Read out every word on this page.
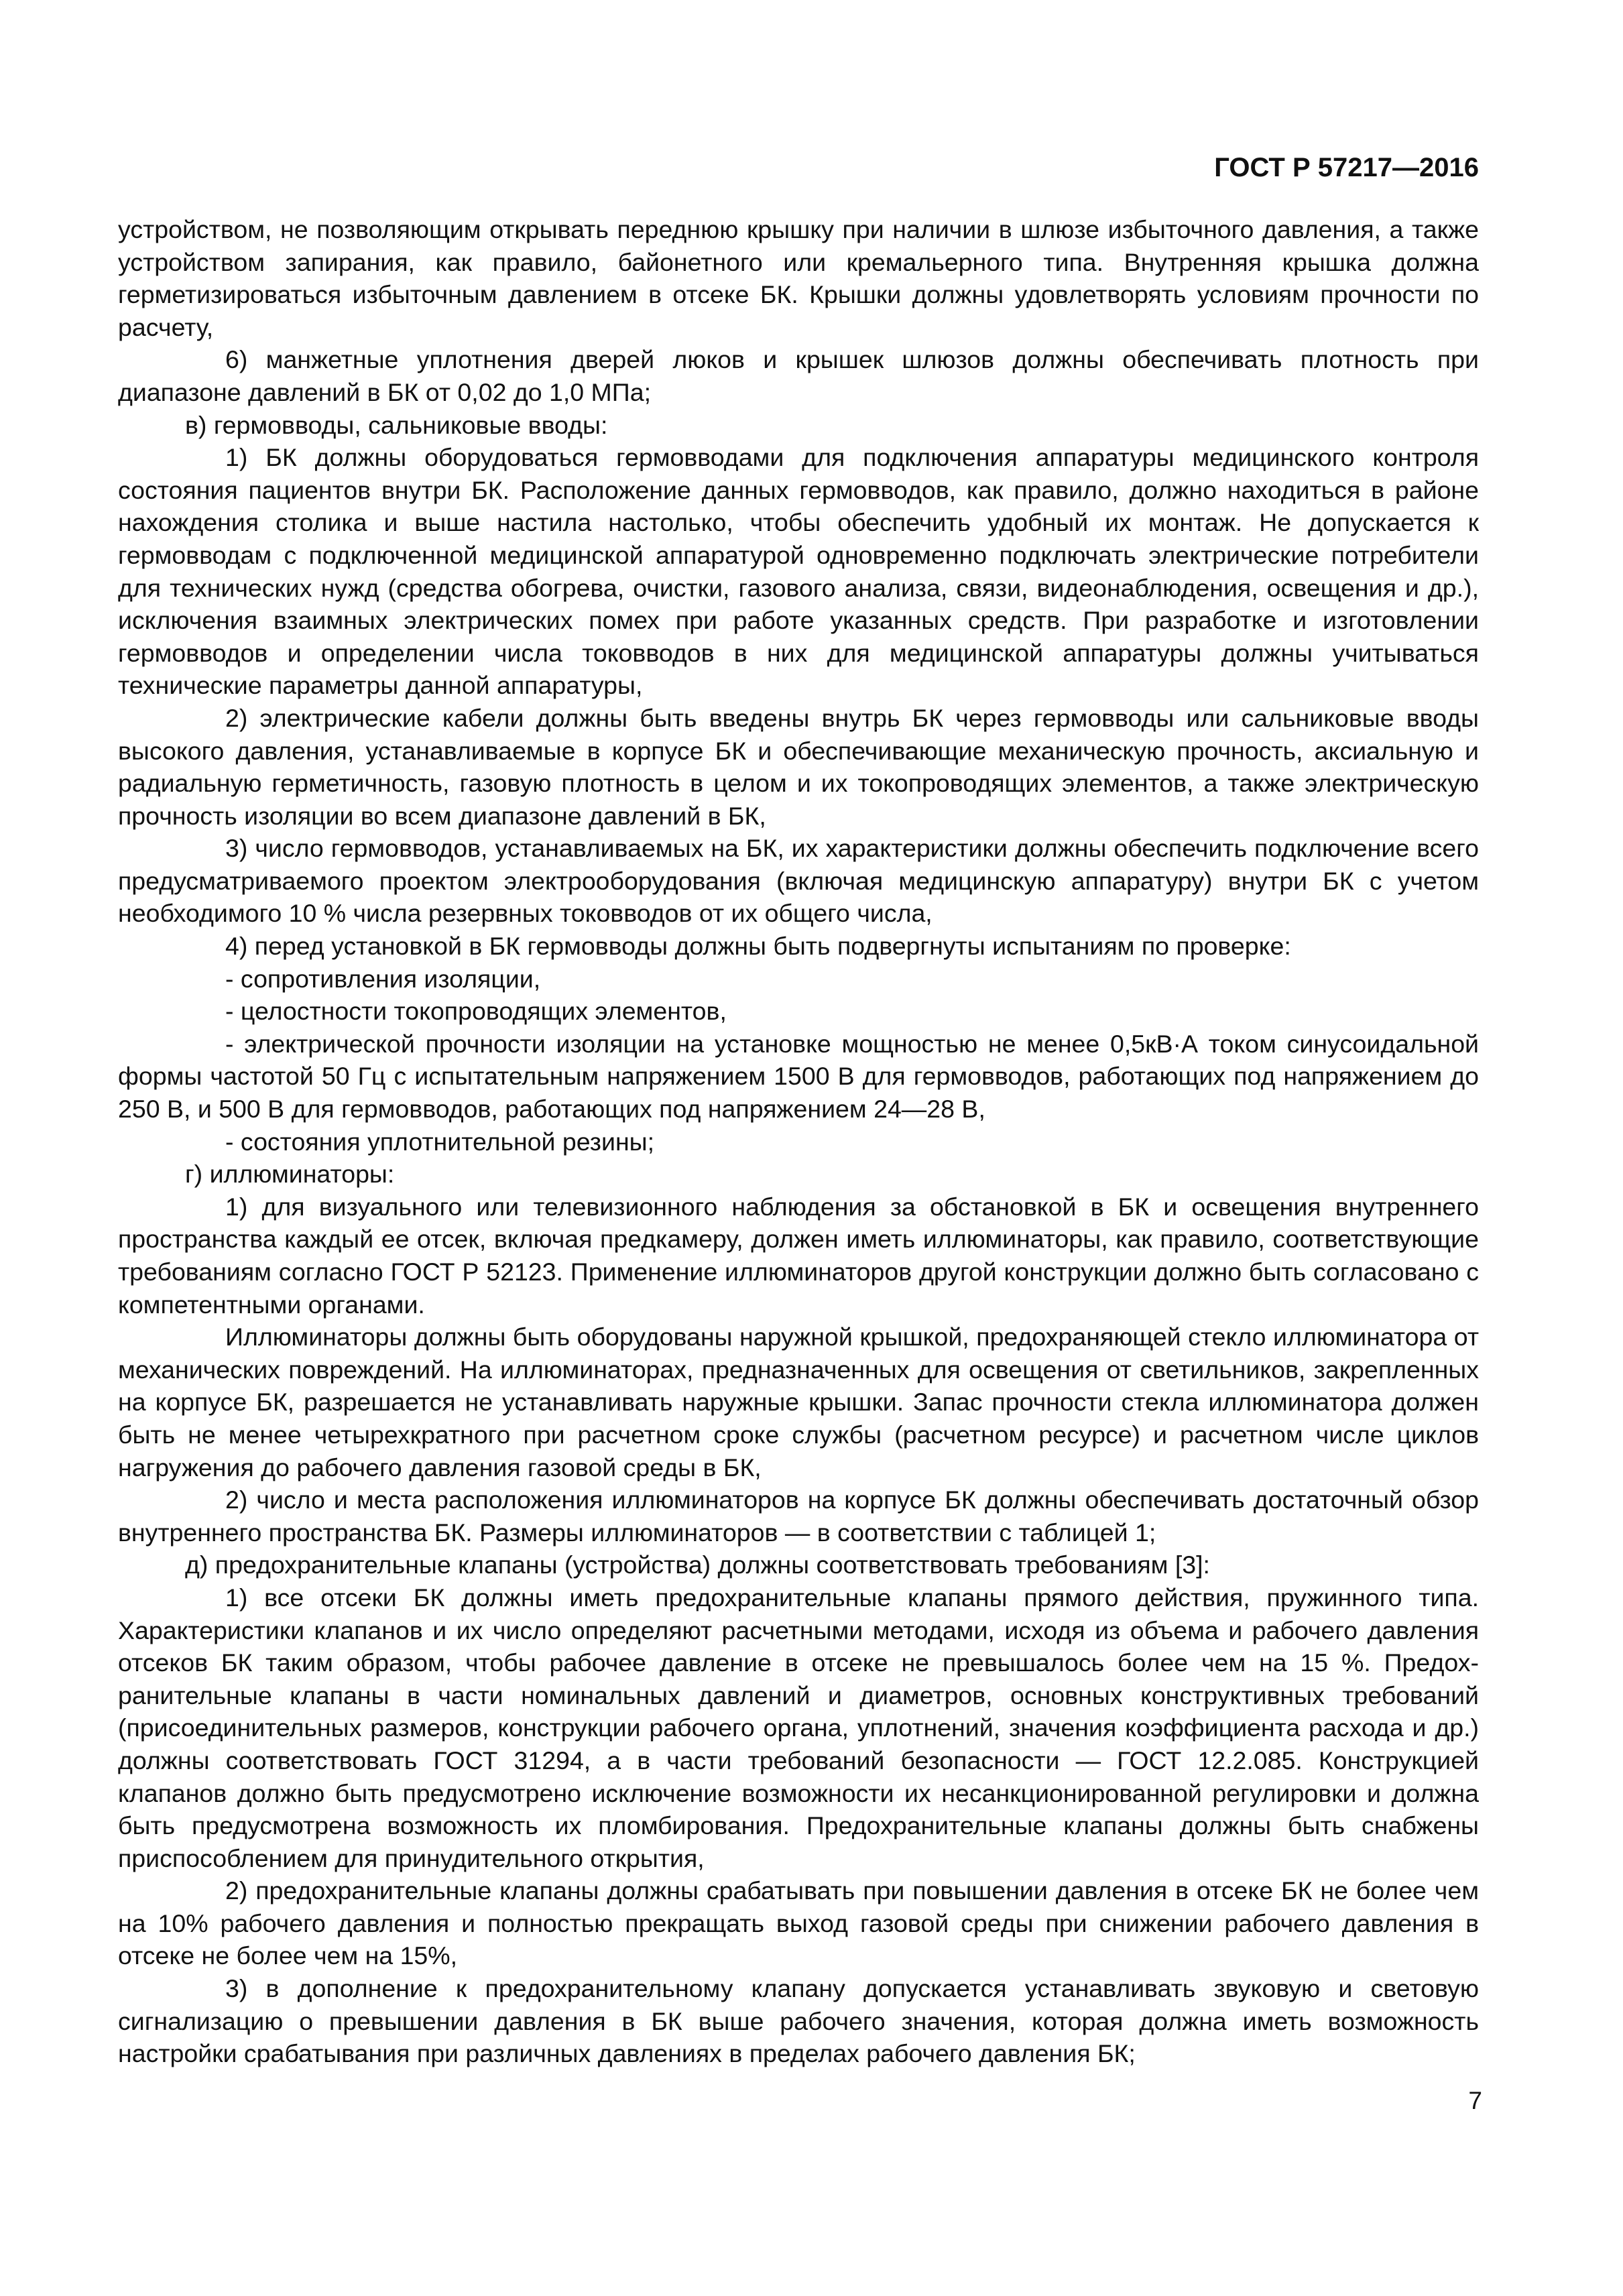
ГОСТ Р 57217—2016

устройством, не позволяющим открывать переднюю крышку при наличии в шлюзе избыточного давления, а также устройством запирания, как правило, байонетного или кремальерного типа. Внутренняя крышка должна герметизироваться избыточным давлением в отсеке БК. Крышки должны удовлетворять условиям прочности по расчету,

6) манжетные уплотнения дверей люков и крышек шлюзов должны обеспечивать плотность при диапазоне давлений в БК от 0,02 до 1,0 МПа;

в) гермовводы, сальниковые вводы:

1) БК должны оборудоваться гермовводами для подключения аппаратуры медицинского контроля состояния пациентов внутри БК. Расположение данных гермовводов, как правило, должно находиться в районе нахождения столика и выше настила настолько, чтобы обеспечить удобный их монтаж. Не допускается к гермовводам с подключенной медицинской аппаратурой одновременно подключать электрические потребители для технических нужд (средства обогрева, очистки, газового анализа, связи, видеонаблюдения, освещения и др.), исключения взаимных электрических помех при работе указанных средств. При разработке и изготовлении гермовводов и определении числа токовводов в них для медицинской аппаратуры должны учитываться технические параметры данной аппаратуры,

2) электрические кабели должны быть введены внутрь БК через гермовводы или сальниковые вводы высокого давления, устанавливаемые в корпусе БК и обеспечивающие механическую прочность, аксиальную и радиальную герметичность, газовую плотность в целом и их токопроводящих элементов, а также электрическую прочность изоляции во всем диапазоне давлений в БК,

3) число гермовводов, устанавливаемых на БК, их характеристики должны обеспечить подключение всего предусматриваемого проектом электрооборудования (включая медицинскую аппаратуру) внутри БК с учетом необходимого 10 % числа резервных токовводов от их общего числа,

4) перед установкой в БК гермовводы должны быть подвергнуты испытаниям по проверке:

- сопротивления изоляции,

- целостности токопроводящих элементов,

- электрической прочности изоляции на установке мощностью не менее 0,5кВ·А током синусоидальной формы частотой 50 Гц с испытательным напряжением 1500 В для гермовводов, работающих под напряжением до 250 В, и 500 В для гермовводов, работающих под напряжением 24—28 В,

- состояния уплотнительной резины;

г) иллюминаторы:

1) для визуального или телевизионного наблюдения за обстановкой в БК и освещения внутреннего пространства каждый ее отсек, включая предкамеру, должен иметь иллюминаторы, как правило, соответствующие требованиям согласно ГОСТ Р 52123. Применение иллюминаторов другой конструкции должно быть согласовано с компетентными органами.

Иллюминаторы должны быть оборудованы наружной крышкой, предохраняющей стекло иллюминатора от механических повреждений. На иллюминаторах, предназначенных для освещения от светильников, закрепленных на корпусе БК, разрешается не устанавливать наружные крышки. Запас прочности стекла иллюминатора должен быть не менее четырехкратного при расчетном сроке службы (расчетном ресурсе) и расчетном числе циклов нагружения до рабочего давления газовой среды в БК,

2) число и места расположения иллюминаторов на корпусе БК должны обеспечивать достаточный обзор внутреннего пространства БК. Размеры иллюминаторов — в соответствии с таблицей 1;

д) предохранительные клапаны (устройства) должны соответствовать требованиям [3]:

1) все отсеки БК должны иметь предохранительные клапаны прямого действия, пружинного типа. Характеристики клапанов и их число определяют расчетными методами, исходя из объема и рабочего давления отсеков БК таким образом, чтобы рабочее давление в отсеке не превышалось более чем на 15 %. Предох-ранительные клапаны в части номинальных давлений и диаметров, основных конструктивных требований (присоединительных размеров, конструкции рабочего органа, уплотнений, значения коэффициента расхода и др.) должны соответствовать ГОСТ 31294, а в части требований безопасности — ГОСТ 12.2.085. Конструкцией клапанов должно быть предусмотрено исключение возможности их несанкционированной регулировки и должна быть предусмотрена возможность их пломбирования. Предохранительные клапаны должны быть снабжены приспособлением для принудительного открытия,

2) предохранительные клапаны должны срабатывать при повышении давления в отсеке БК не более чем на 10% рабочего давления и полностью прекращать выход газовой среды при снижении рабочего давления в отсеке не более чем на 15%,

3) в дополнение к предохранительному клапану допускается устанавливать звуковую и световую сигнализацию о превышении давления в БК выше рабочего значения, которая должна иметь возможность настройки срабатывания при различных давлениях в пределах рабочего давления БК;

7
